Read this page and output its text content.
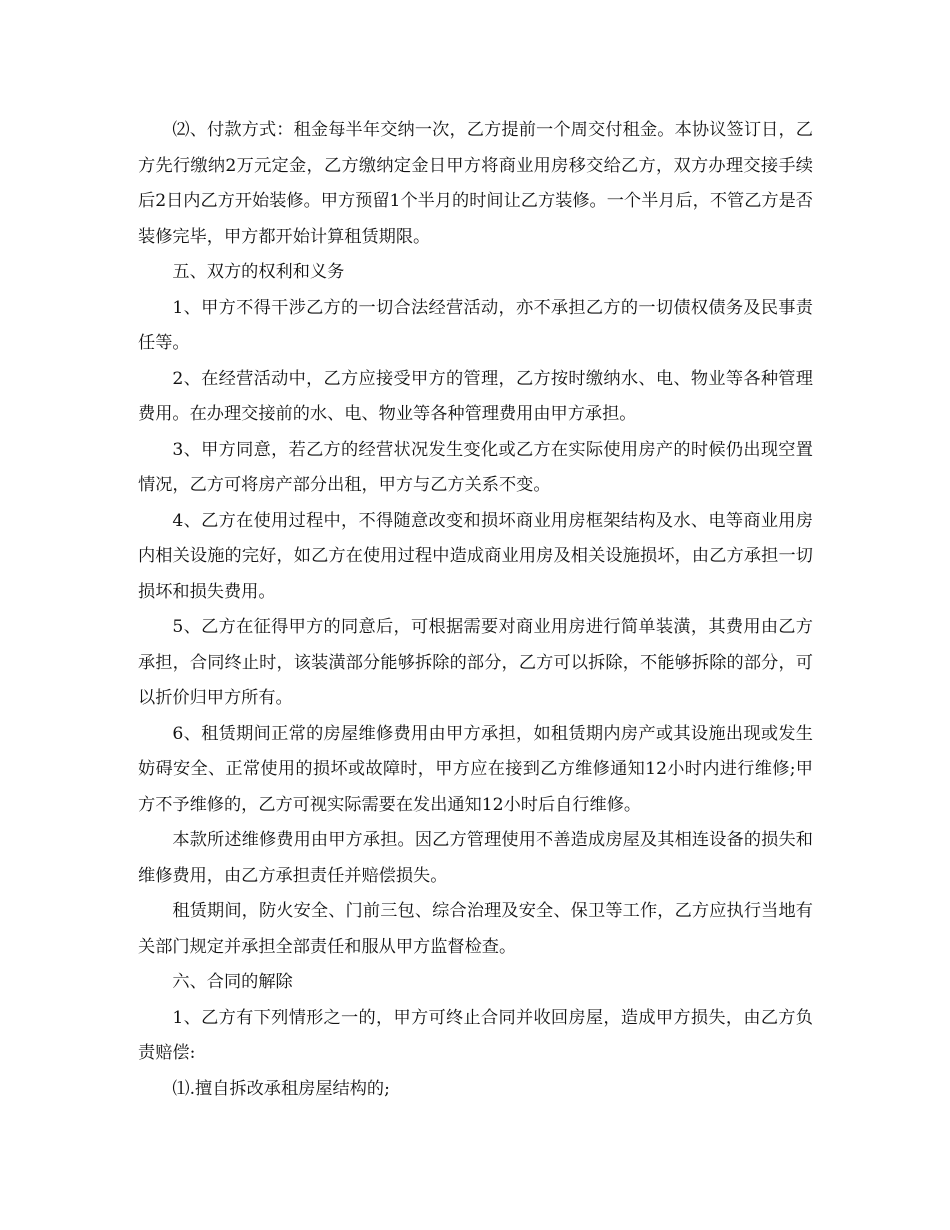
⑵、付款方式：租金每半年交纳一次，乙方提前一个周交付租金。本协议签订日，乙方先行缴纳2万元定金，乙方缴纳定金日甲方将商业用房移交给乙方，双方办理交接手续后2日内乙方开始装修。甲方预留1个半月的时间让乙方装修。一个半月后，不管乙方是否装修完毕，甲方都开始计算租赁期限。

五、双方的权利和义务

1、甲方不得干涉乙方的一切合法经营活动，亦不承担乙方的一切债权债务及民事责任等。

2、在经营活动中，乙方应接受甲方的管理，乙方按时缴纳水、电、物业等各种管理费用。在办理交接前的水、电、物业等各种管理费用由甲方承担。

3、甲方同意，若乙方的经营状况发生变化或乙方在实际使用房产的时候仍出现空置情况，乙方可将房产部分出租，甲方与乙方关系不变。

4、乙方在使用过程中，不得随意改变和损坏商业用房框架结构及水、电等商业用房内相关设施的完好，如乙方在使用过程中造成商业用房及相关设施损坏，由乙方承担一切损坏和损失费用。

5、乙方在征得甲方的同意后，可根据需要对商业用房进行简单装潢，其费用由乙方承担，合同终止时，该装潢部分能够拆除的部分，乙方可以拆除，不能够拆除的部分，可以折价归甲方所有。

6、租赁期间正常的房屋维修费用由甲方承担，如租赁期内房产或其设施出现或发生妨碍安全、正常使用的损坏或故障时，甲方应在接到乙方维修通知12小时内进行维修;甲方不予维修的，乙方可视实际需要在发出通知12小时后自行维修。

本款所述维修费用由甲方承担。因乙方管理使用不善造成房屋及其相连设备的损失和维修费用，由乙方承担责任并赔偿损失。

租赁期间，防火安全、门前三包、综合治理及安全、保卫等工作，乙方应执行当地有关部门规定并承担全部责任和服从甲方监督检查。

六、合同的解除

1、乙方有下列情形之一的，甲方可终止合同并收回房屋，造成甲方损失，由乙方负责赔偿:

⑴.擅自拆改承租房屋结构的;
